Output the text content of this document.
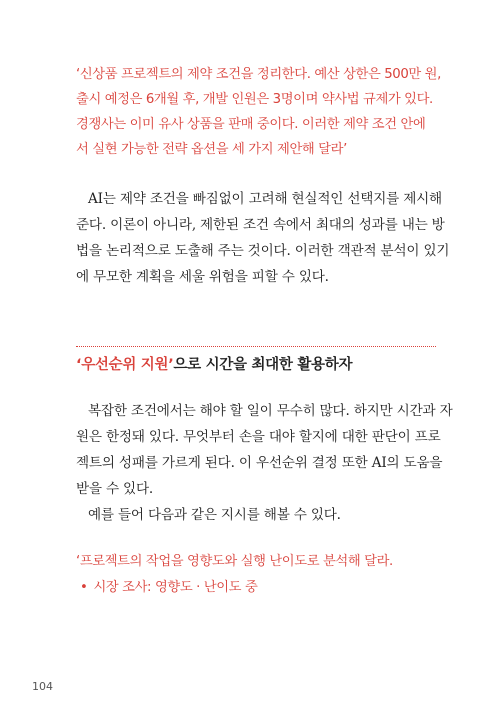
‘신상품 프로젝트의 제약 조건을 정리한다. 예산 상한은 500만 원,
출시 예정은 6개월 후, 개발 인원은 3명이며 약사법 규제가 있다.
경쟁사는 이미 유사 상품을 판매 중이다. 이러한 제약 조건 안에
서 실현 가능한 전략 옵션을 세 가지 제안해 달라’
AI는 제약 조건을 빠짐없이 고려해 현실적인 선택지를 제시해
준다. 이론이 아니라, 제한된 조건 속에서 최대의 성과를 내는 방
법을 논리적으로 도출해 주는 것이다. 이러한 객관적 분석이 있기
에 무모한 계획을 세울 위험을 피할 수 있다.
‘우선순위 지원’으로 시간을 최대한 활용하자
복잡한 조건에서는 해야 할 일이 무수히 많다. 하지만 시간과 자
원은 한정돼 있다. 무엇부터 손을 대야 할지에 대한 판단이 프로
젝트의 성패를 가르게 된다. 이 우선순위 결정 또한 AI의 도움을
받을 수 있다.
예를 들어 다음과 같은 지시를 해볼 수 있다.
‘프로젝트의 작업을 영향도와 실행 난이도로 분석해 달라.
• 시장 조사: 영향도 · 난이도 중
104
